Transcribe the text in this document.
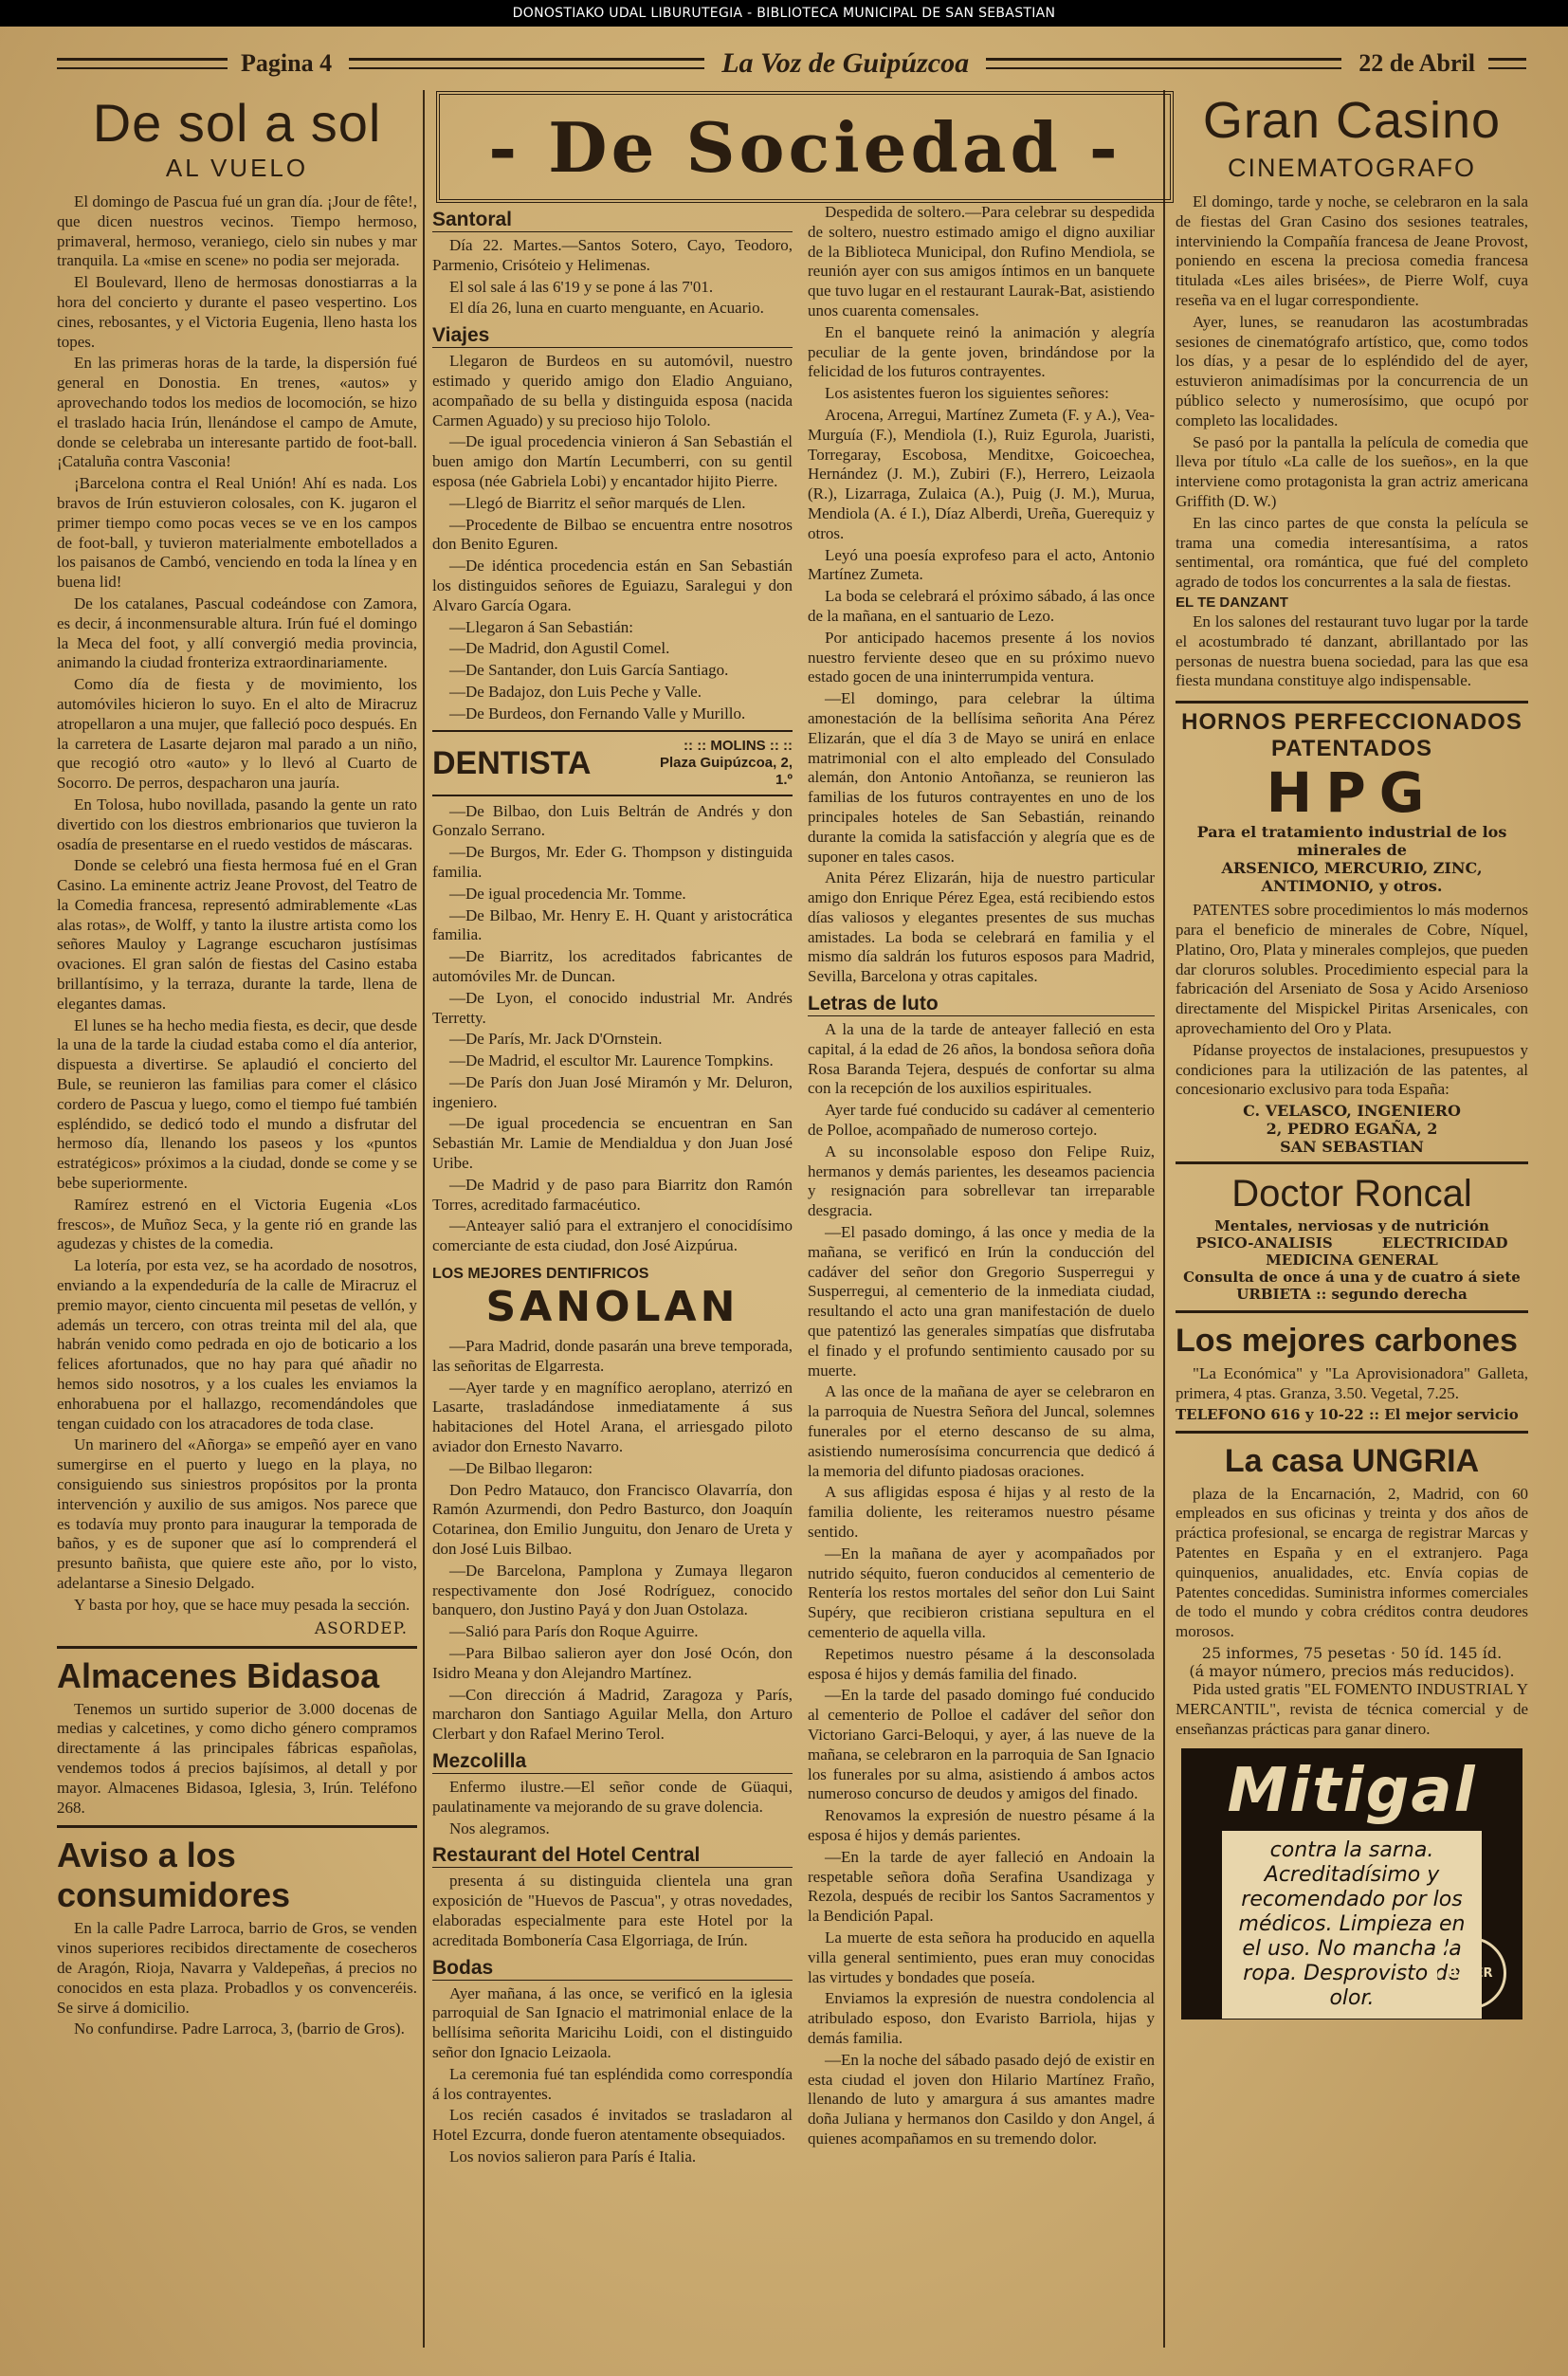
DONOSTIAKO UDAL LIBURUTEGIA - BIBLIOTECA MUNICIPAL DE SAN SEBASTIAN
Pagina 4	La Voz de Guipúzcoa	22 de Abril
De sol a sol
AL VUELO

El domingo de Pascua fué un gran día. ¡Jour de fête!, que dicen nuestros vecinos. Tiempo hermoso, primaveral, hermoso, veraniego, cielo sin nubes y mar tranquila. La «mise en scene» no podia ser mejorada.

El Boulevard, lleno de hermosas donostiarras a la hora del concierto y durante el paseo vespertino. Los cines, rebosantes, y el Victoria Eugenia, lleno hasta los topes.

En las primeras horas de la tarde, la dispersión fué general en Donostia. En trenes, «autos» y aprovechando todos los medios de locomoción, se hizo el traslado hacia Irún, llenándose el campo de Amute, donde se celebraba un interesante partido de foot-ball. ¡Cataluña contra Vasconia!

¡Barcelona contra el Real Unión! Ahí es nada. Los bravos de Irún estuvieron colosales, con K. jugaron el primer tiempo como pocas veces se ve en los campos de foot-ball, y tuvieron materialmente embotellados a los paisanos de Cambó, venciendo en toda la línea y en buena lid!

De los catalanes, Pascual codeándose con Zamora, es decir, á inconmensurable altura. Irún fué el domingo la Meca del foot, y allí convergió media provincia, animando la ciudad fronteriza extraordinariamente.

Como día de fiesta y de movimiento, los automóviles hicieron lo suyo. En el alto de Miracruz atropellaron a una mujer, que falleció poco después. En la carretera de Lasarte dejaron mal parado a un niño, que recogió otro «auto» y lo llevó al Cuarto de Socorro. De perros, despacharon una jauría.

En Tolosa, hubo novillada, pasando la gente un rato divertido con los diestros embrionarios que tuvieron la osadía de presentarse en el ruedo vestidos de máscaras.

Donde se celebró una fiesta hermosa fué en el Gran Casino. La eminente actriz Jeane Provost, del Teatro de la Comedia francesa, representó admirablemente «Las alas rotas», de Wolff, y tanto la ilustre artista como los señores Mauloy y Lagrange escucharon justísimas ovaciones. El gran salón de fiestas del Casino estaba brillantísimo, y la terraza, durante la tarde, llena de elegantes damas.

El lunes se ha hecho media fiesta, es decir, que desde la una de la tarde la ciudad estaba como el día anterior, dispuesta a divertirse. Se aplaudió el concierto del Bule, se reunieron las familias para comer el clásico cordero de Pascua y luego, como el tiempo fué también espléndido, se dedicó todo el mundo a disfrutar del hermoso día, llenando los paseos y los «puntos estratégicos» próximos a la ciudad, donde se come y se bebe superiormente.

Ramírez estrenó en el Victoria Eugenia «Los frescos», de Muñoz Seca, y la gente rió en grande las agudezas y chistes de la comedia.

La lotería, por esta vez, se ha acordado de nosotros, enviando a la expendeduría de la calle de Miracruz el premio mayor, ciento cincuenta mil pesetas de vellón, y además un tercero, con otras treinta mil del ala, que habrán venido como pedrada en ojo de boticario a los felices afortunados, que no hay para qué añadir no hemos sido nosotros, y a los cuales les enviamos la enhorabuena por el hallazgo, recomendándoles que tengan cuidado con los atracadores de toda clase.

Un marinero del «Añorga» se empeñó ayer en vano sumergirse en el puerto y luego en la playa, no consiguiendo sus siniestros propósitos por la pronta intervención y auxilio de sus amigos. Nos parece que es todavía muy pronto para inaugurar la temporada de baños, y es de suponer que así lo comprenderá el presunto bañista, que quiere este año, por lo visto, adelantarse a Sinesio Delgado.

Y basta por hoy, que se hace muy pesada la sección.

ASORDEP.
Almacenes Bidasoa

Tenemos un surtido superior de 3.000 docenas de medias y calcetines, y como dicho género compramos directamente á las principales fábricas españolas, vendemos todos á precios bajísimos, al detall y por mayor. Almacenes Bidasoa, Iglesia, 3, Irún. Teléfono 268.

Aviso a los consumidores

En la calle Padre Larroca, barrio de Gros, se venden vinos superiores recibidos directamente de cosecheros de Aragón, Rioja, Navarra y Valdepeñas, á precios no conocidos en esta plaza. Probadlos y os convenceréis. Se sirve á domicilio.

No confundirse. Padre Larroca, 3, (barrio de Gros).

- De Sociedad -
Santoral

Día 22. Martes.—Santos Sotero, Cayo, Teodoro, Parmenio, Crisóteio y Helimenas.

El sol sale á las 6'19 y se pone á las 7'01.

El día 26, luna en cuarto menguante, en Acuario.

Viajes

Llegaron de Burdeos en su automóvil, nuestro estimado y querido amigo don Eladio Anguiano, acompañado de su bella y distinguida esposa (nacida Carmen Aguado) y su precioso hijo Tololo.

—De igual procedencia vinieron á San Sebastián el buen amigo don Martín Lecumberri, con su gentil esposa (née Gabriela Lobi) y encantador hijito Pierre.

—Llegó de Biarritz el señor marqués de Llen.

—Procedente de Bilbao se encuentra entre nosotros don Benito Eguren.

—De idéntica procedencia están en San Sebastián los distinguidos señores de Eguiazu, Saralegui y don Alvaro García Ogara.

—Llegaron á San Sebastián:

—De Madrid, don Agustil Comel.

—De Santander, don Luis García Santiago.

—De Badajoz, don Luis Peche y Valle.

—De Burdeos, don Fernando Valle y Murillo.

DENTISTA	:: :: MOLINS :: :: Plaza Guipúzcoa, 2, 1.º

—De Bilbao, don Luis Beltrán de Andrés y don Gonzalo Serrano.

—De Burgos, Mr. Eder G. Thompson y distinguida familia.

—De igual procedencia Mr. Tomme.

—De Bilbao, Mr. Henry E. H. Quant y aristocrática familia.

—De Biarritz, los acreditados fabricantes de automóviles Mr. de Duncan.

—De Lyon, el conocido industrial Mr. Andrés Terretty.

—De París, Mr. Jack D'Ornstein.

—De Madrid, el escultor Mr. Laurence Tompkins.

—De París don Juan José Miramón y Mr. Deluron, ingeniero.

—De igual procedencia se encuentran en San Sebastián Mr. Lamie de Mendialdua y don Juan José Uribe.

—De Madrid y de paso para Biarritz don Ramón Torres, acreditado farmacéutico.

—Anteayer salió para el extranjero el conocidísimo comerciante de esta ciudad, don José Aizpúrua.

LOS MEJORES DENTIFRICOS
SANOLAN

—Para Madrid, donde pasarán una breve temporada, las señoritas de Elgarresta.

—Ayer tarde y en magnífico aeroplano, aterrizó en Lasarte, trasladándose inmediatamente á sus habitaciones del Hotel Arana, el arriesgado piloto aviador don Ernesto Navarro.

—De Bilbao llegaron:

Don Pedro Matauco, don Francisco Olavarría, don Ramón Azurmendi, don Pedro Basturco, don Joaquín Cotarinea, don Emilio Junguitu, don Jenaro de Ureta y don José Luis Bilbao.

—De Barcelona, Pamplona y Zumaya llegaron respectivamente don José Rodríguez, conocido banquero, don Justino Payá y don Juan Ostolaza.

—Salió para París don Roque Aguirre.

—Para Bilbao salieron ayer don José Ocón, don Isidro Meana y don Alejandro Martínez.

—Con dirección á Madrid, Zaragoza y París, marcharon don Santiago Aguilar Mella, don Arturo Clerbart y don Rafael Merino Terol.

Mezcolilla

Enfermo ilustre.—El señor conde de Güaqui, paulatinamente va mejorando de su grave dolencia.

Nos alegramos.

Restaurant del Hotel Central

presenta á su distinguida clientela una gran exposición de "Huevos de Pascua", y otras novedades, elaboradas especialmente para este Hotel por la acreditada Bombonería Casa Elgorriaga, de Irún.

Bodas

Ayer mañana, á las once, se verificó en la iglesia parroquial de San Ignacio el matrimonial enlace de la bellísima señorita Maricihu Loidi, con el distinguido señor don Ignacio Leizaola.

La ceremonia fué tan espléndida como correspondía á los contrayentes.

Los recién casados é invitados se trasladaron al Hotel Ezcurra, donde fueron atentamente obsequiados.

Los novios salieron para París é Italia.

Despedida de soltero.—Para celebrar su despedida de soltero, nuestro estimado amigo el digno auxiliar de la Biblioteca Municipal, don Rufino Mendiola, se reunión ayer con sus amigos íntimos en un banquete que tuvo lugar en el restaurant Laurak-Bat, asistiendo unos cuarenta comensales.

En el banquete reinó la animación y alegría peculiar de la gente joven, brindándose por la felicidad de los futuros contrayentes.

Los asistentes fueron los siguientes señores:

Arocena, Arregui, Martínez Zumeta (F. y A.), Vea-Murguía (F.), Mendiola (I.), Ruiz Egurola, Juaristi, Torregaray, Escobosa, Menditxe, Goicoechea, Hernández (J. M.), Zubiri (F.), Herrero, Leizaola (R.), Lizarraga, Zulaica (A.), Puig (J. M.), Murua, Mendiola (A. é I.), Díaz Alberdi, Ureña, Guerequiz y otros.

Leyó una poesía exprofeso para el acto, Antonio Martínez Zumeta.

La boda se celebrará el próximo sábado, á las once de la mañana, en el santuario de Lezo.

Por anticipado hacemos presente á los novios nuestro ferviente deseo que en su próximo nuevo estado gocen de una ininterrumpida ventura.

—El domingo, para celebrar la última amonestación de la bellísima señorita Ana Pérez Elizarán, que el día 3 de Mayo se unirá en enlace matrimonial con el alto empleado del Consulado alemán, don Antonio Antoñanza, se reunieron las familias de los futuros contrayentes en uno de los principales hoteles de San Sebastián, reinando durante la comida la satisfacción y alegría que es de suponer en tales casos.

Anita Pérez Elizarán, hija de nuestro particular amigo don Enrique Pérez Egea, está recibiendo estos días valiosos y elegantes presentes de sus muchas amistades. La boda se celebrará en familia y el mismo día saldrán los futuros esposos para Madrid, Sevilla, Barcelona y otras capitales.

Letras de luto

A la una de la tarde de anteayer falleció en esta capital, á la edad de 26 años, la bondosa señora doña Rosa Baranda Tejera, después de confortar su alma con la recepción de los auxilios espirituales.

Ayer tarde fué conducido su cadáver al cementerio de Polloe, acompañado de numeroso cortejo.

A su inconsolable esposo don Felipe Ruiz, hermanos y demás parientes, les deseamos paciencia y resignación para sobrellevar tan irreparable desgracia.

—El pasado domingo, á las once y media de la mañana, se verificó en Irún la conducción del cadáver del señor don Gregorio Susperregui y Susperregui, al cementerio de la inmediata ciudad, resultando el acto una gran manifestación de duelo que patentizó las generales simpatías que disfrutaba el finado y el profundo sentimiento causado por su muerte.

A las once de la mañana de ayer se celebraron en la parroquia de Nuestra Señora del Juncal, solemnes funerales por el eterno descanso de su alma, asistiendo numerosísima concurrencia que dedicó á la memoria del difunto piadosas oraciones.

A sus afligidas esposa é hijas y al resto de la familia doliente, les reiteramos nuestro pésame sentido.

—En la mañana de ayer y acompañados por nutrido séquito, fueron conducidos al cementerio de Rentería los restos mortales del señor don Lui Saint Supéry, que recibieron cristiana sepultura en el cementerio de aquella villa.

Repetimos nuestro pésame á la desconsolada esposa é hijos y demás familia del finado.

—En la tarde del pasado domingo fué conducido al cementerio de Polloe el cadáver del señor don Victoriano Garci-Beloqui, y ayer, á las nueve de la mañana, se celebraron en la parroquia de San Ignacio los funerales por su alma, asistiendo á ambos actos numeroso concurso de deudos y amigos del finado.

Renovamos la expresión de nuestro pésame á la esposa é hijos y demás parientes.

—En la tarde de ayer falleció en Andoain la respetable señora doña Serafina Usandizaga y Rezola, después de recibir los Santos Sacramentos y la Bendición Papal.

La muerte de esta señora ha producido en aquella villa general sentimiento, pues eran muy conocidas las virtudes y bondades que poseía.

Enviamos la expresión de nuestra condolencia al atribulado esposo, don Evaristo Barriola, hijas y demás familia.

—En la noche del sábado pasado dejó de existir en esta ciudad el joven don Hilario Martínez Fraño, llenando de luto y amargura á sus amantes madre doña Juliana y hermanos don Casildo y don Angel, á quienes acompañamos en su tremendo dolor.

Gran Casino
CINEMATOGRAFO

El domingo, tarde y noche, se celebraron en la sala de fiestas del Gran Casino dos sesiones teatrales, interviniendo la Compañía francesa de Jeane Provost, poniendo en escena la preciosa comedia francesa titulada «Les ailes brisées», de Pierre Wolf, cuya reseña va en el lugar correspondiente.

Ayer, lunes, se reanudaron las acostumbradas sesiones de cinematógrafo artístico, que, como todos los días, y a pesar de lo espléndido del de ayer, estuvieron animadísimas por la concurrencia de un público selecto y numerosísimo, que ocupó por completo las localidades.

Se pasó por la pantalla la película de comedia que lleva por título «La calle de los sueños», en la que interviene como protagonista la gran actriz americana Griffith (D. W.)

En las cinco partes de que consta la película se trama una comedia interesantísima, a ratos sentimental, ora romántica, que fué del completo agrado de todos los concurrentes a la sala de fiestas.

EL TE DANZANT

En los salones del restaurant tuvo lugar por la tarde el acostumbrado té danzant, abrillantado por las personas de nuestra buena sociedad, para las que esa fiesta mundana constituye algo indispensable.

HORNOS PERFECCIONADOS PATENTADOS
HPG
Para el tratamiento industrial de los minerales de
ARSENICO, MERCURIO, ZINC, ANTIMONIO, y otros.

PATENTES sobre procedimientos lo más modernos para el beneficio de minerales de Cobre, Níquel, Platino, Oro, Plata y minerales complejos, que pueden dar cloruros solubles. Procedimiento especial para la fabricación del Arseniato de Sosa y Acido Arsenioso directamente del Mispickel Piritas Arsenicales, con aprovechamiento del Oro y Plata.

Pídanse proyectos de instalaciones, presupuestos y condiciones para la utilización de las patentes, al concesionario exclusivo para toda España:

C. VELASCO, INGENIERO
2, PEDRO EGAÑA, 2
SAN SEBASTIAN
Doctor Roncal
Mentales, nerviosas y de nutrición
PSICO-ANALISIS          ELECTRICIDAD
MEDICINA GENERAL
Consulta de once á una y de cuatro á siete
URBIETA :: segundo derecha
Los mejores carbones

"La Económica" y "La Aprovisionadora" Galleta, primera, 4 ptas. Granza, 3.50. Vegetal, 7.25.

TELEFONO 616 y 10-22 :: El mejor servicio
La casa UNGRIA

plaza de la Encarnación, 2, Madrid, con 60 empleados en sus oficinas y treinta y dos años de práctica profesional, se encarga de registrar Marcas y Patentes en España y en el extranjero. Paga quinquenios, anualidades, etc. Envía copias de Patentes concedidas. Suministra informes comerciales de todo el mundo y cobra créditos contra deudores morosos.

25 informes, 75 pesetas · 50 íd. 145 íd.
(á mayor número, precios más reducidos).

Pida usted gratis "EL FOMENTO INDUSTRIAL Y MERCANTIL", revista de técnica comercial y de enseñanzas prácticas para ganar dinero.

Mitigal
contra la sarna. Acreditadísimo y recomendado por los médicos. Limpieza en el uso. No mancha la ropa. Desprovisto de olor.
BAYER
